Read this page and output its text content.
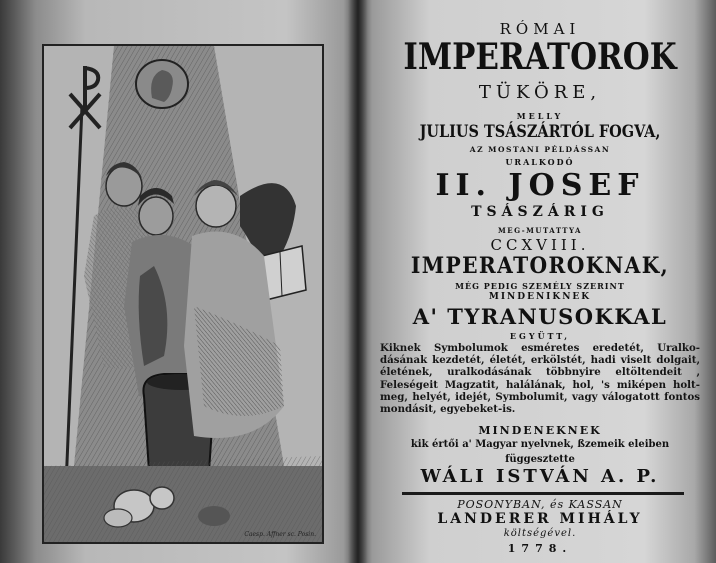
Caesp. Affner sc. Posin.
RÓMAI
IMPERATOROK
TÜKÖRE,
MELLY
JULIUS TSÁSZÁRTÓL FOGVA,
AZ MOSTANI PÉLDÁSSAN
URALKODÓ
II. JOSEF
TSÁSZÁRIG
MEG-MUTATTYA
CCXVIII.
IMPERATOROKNAK,
MÉG PEDIG SZEMÉLY SZERINT
MINDENIKNEK
A' TYRANUSOKKAL
EGYÜTT,
Kiknek Symbolumok esméretes eredetét, Uralko-dásának kezdetét, életét, erkölstét, hadi viselt dolgait, életének, uralkodásának többnyire eltöltendeit , Feleségeit Magzatit, halálának, hol, 's miképen holt-meg, helyét, idejét, Symbolumit, vagy válogatott fontos mondásit, egyebeket-is.
MINDENEKNEK
kik értői a' Magyar nyelvnek, ßzemeik eleiben
függesztette
WÁLI ISTVÁN A. P.
POSONYBAN, és KASSAN
LANDERER MIHÁLY
költségével.
1778.
